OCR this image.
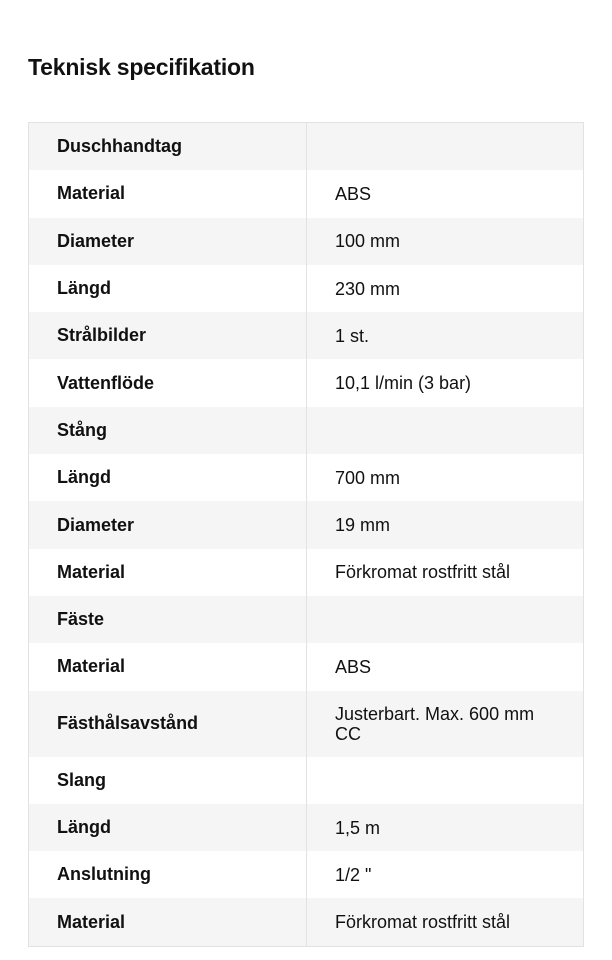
Teknisk specifikation
Duschhandtag
Material	ABS
Diameter	100 mm
Längd	230 mm
Strålbilder	1 st.
Vattenflöde	10,1 l/min (3 bar)
Stång
Längd	700 mm
Diameter	19 mm
Material	Förkromat rostfritt stål
Fäste
Material	ABS
Fästhålsavstånd	Justerbart. Max. 600 mm CC
Slang
Längd	1,5 m
Anslutning	1/2 "
Material	Förkromat rostfritt stål
